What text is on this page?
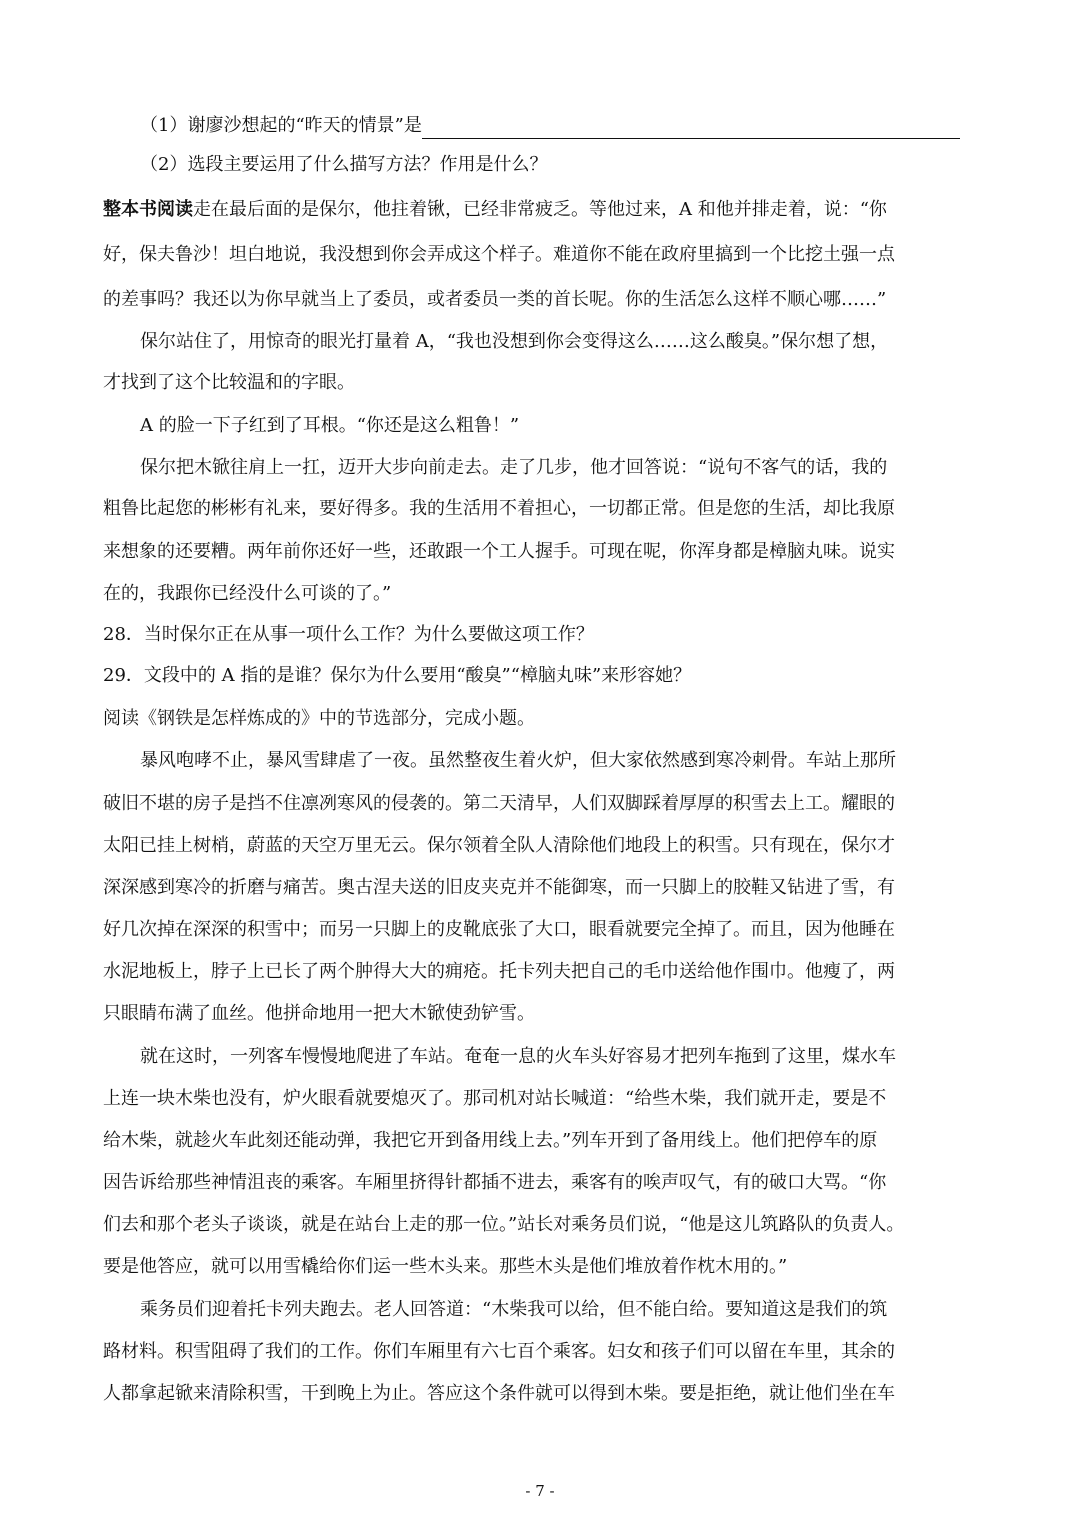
（1）谢廖沙想起的“昨天的情景”是
（2）选段主要运用了什么描写方法？作用是什么？
整本书阅读走在最后面的是保尔，他拄着锹，已经非常疲乏。等他过来，A 和他并排走着，说：“你
好，保夫鲁沙！坦白地说，我没想到你会弄成这个样子。难道你不能在政府里搞到一个比挖土强一点
的差事吗？我还以为你早就当上了委员，或者委员一类的首长呢。你的生活怎么这样不顺心哪……”
保尔站住了，用惊奇的眼光打量着 A，“我也没想到你会变得这么……这么酸臭。”保尔想了想，
才找到了这个比较温和的字眼。
A 的脸一下子红到了耳根。“你还是这么粗鲁！”
保尔把木锨往肩上一扛，迈开大步向前走去。走了几步，他才回答说：“说句不客气的话，我的
粗鲁比起您的彬彬有礼来，要好得多。我的生活用不着担心，一切都正常。但是您的生活，却比我原
来想象的还要糟。两年前你还好一些，还敢跟一个工人握手。可现在呢，你浑身都是樟脑丸味。说实
在的，我跟你已经没什么可谈的了。”
28．当时保尔正在从事一项什么工作？为什么要做这项工作？
29．文段中的 A 指的是谁？保尔为什么要用“酸臭”“樟脑丸味”来形容她？
阅读《钢铁是怎样炼成的》中的节选部分，完成小题。
暴风咆哮不止，暴风雪肆虐了一夜。虽然整夜生着火炉，但大家依然感到寒冷刺骨。车站上那所
破旧不堪的房子是挡不住凛冽寒风的侵袭的。第二天清早，人们双脚踩着厚厚的积雪去上工。耀眼的
太阳已挂上树梢，蔚蓝的天空万里无云。保尔领着全队人清除他们地段上的积雪。只有现在，保尔才
深深感到寒冷的折磨与痛苦。奥古涅夫送的旧皮夹克并不能御寒，而一只脚上的胶鞋又钻进了雪，有
好几次掉在深深的积雪中；而另一只脚上的皮靴底张了大口，眼看就要完全掉了。而且，因为他睡在
水泥地板上，脖子上已长了两个肿得大大的痈疮。托卡列夫把自己的毛巾送给他作围巾。他瘦了，两
只眼睛布满了血丝。他拼命地用一把大木锨使劲铲雪。
就在这时，一列客车慢慢地爬进了车站。奄奄一息的火车头好容易才把列车拖到了这里，煤水车
上连一块木柴也没有，炉火眼看就要熄灭了。那司机对站长喊道：“给些木柴，我们就开走，要是不
给木柴，就趁火车此刻还能动弹，我把它开到备用线上去。”列车开到了备用线上。他们把停车的原
因告诉给那些神情沮丧的乘客。车厢里挤得针都插不进去，乘客有的唉声叹气，有的破口大骂。“你
们去和那个老头子谈谈，就是在站台上走的那一位。”站长对乘务员们说，“他是这儿筑路队的负责人。
要是他答应，就可以用雪橇给你们运一些木头来。那些木头是他们堆放着作枕木用的。”
乘务员们迎着托卡列夫跑去。老人回答道：“木柴我可以给，但不能白给。要知道这是我们的筑
路材料。积雪阻碍了我们的工作。你们车厢里有六七百个乘客。妇女和孩子们可以留在车里，其余的
人都拿起锨来清除积雪，干到晚上为止。答应这个条件就可以得到木柴。要是拒绝，就让他们坐在车
- 7 -
